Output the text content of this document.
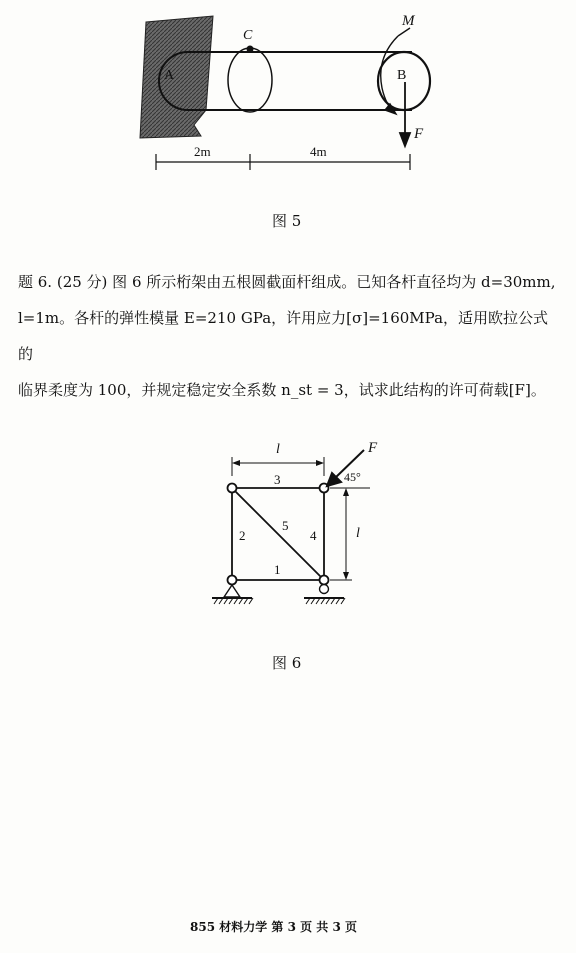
A	B
C
M
F
2m	4m
图 5

题 6. (25 分) 图 6 所示桁架由五根圆截面杆组成。已知各杆直径均为 d=30mm,

l=1m。各杆的弹性模量 E=210 GPa，许用应力[σ]=160MPa，适用欧拉公式的

临界柔度为 100，并规定稳定安全系数 n_st = 3，试求此结构的许可荷载[F]。

l
l
F
45°
3
1
2	4
5
图 6
855 材料力学 第 3 页 共 3 页
